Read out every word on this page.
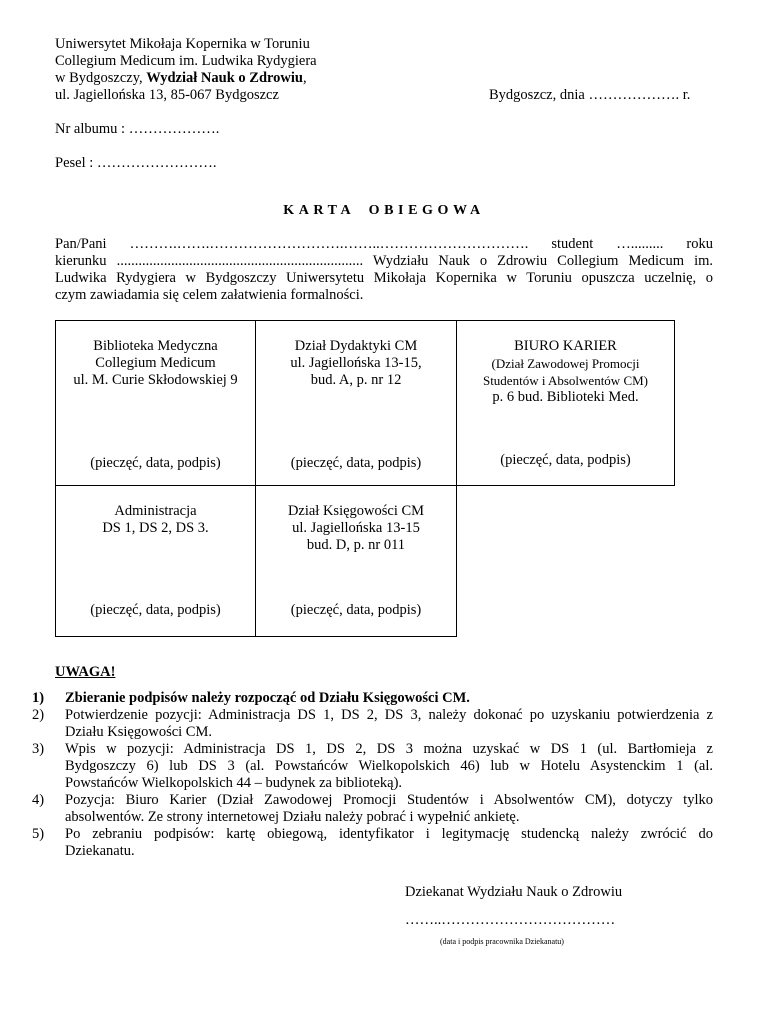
Uniwersytet Mikołaja Kopernika w Toruniu
Collegium Medicum im. Ludwika Rydygiera
w Bydgoszczy, Wydział Nauk o Zdrowiu,
ul. Jagiellońska 13, 85-067 Bydgoszcz	Bydgoszcz, dnia ………………. r.
Nr albumu : ……………….
Pesel : …………………….
KARTA OBIEGOWA
Pan/Pani ……….…….……………………….……..…………………………. student …......... roku
kierunku .................................................................... Wydziału Nauk o Zdrowiu Collegium Medicum im.
Ludwika Rydygiera w Bydgoszczy Uniwersytetu Mikołaja Kopernika w Toruniu opuszcza uczelnię, o
czym zawiadamia się celem załatwienia formalności.
Biblioteka Medyczna
Collegium Medicum
ul. M. Curie Skłodowskiej 9
(pieczęć, data, podpis)
Dział Dydaktyki CM
ul. Jagiellońska 13-15,
bud. A, p. nr 12
(pieczęć, data, podpis)
BIURO KARIER
(Dział Zawodowej Promocji
Studentów i Absolwentów CM)
p. 6 bud. Biblioteki Med.
(pieczęć, data, podpis)
Administracja
DS 1, DS 2, DS 3.
(pieczęć, data, podpis)
Dział Księgowości CM
ul. Jagiellońska 13-15
bud. D, p. nr 011
(pieczęć, data, podpis)
UWAGA!
1) Zbieranie podpisów należy rozpocząć od Działu Księgowości CM.
2) Potwierdzenie pozycji: Administracja DS 1, DS 2, DS 3, należy dokonać po uzyskaniu potwierdzenia z
Działu Księgowości CM.
3) Wpis w pozycji: Administracja DS 1, DS 2, DS 3 można uzyskać w DS 1 (ul. Bartłomieja z
Bydgoszczy 6) lub DS 3 (al. Powstańców Wielkopolskich 46) lub w Hotelu Asystenckim 1 (al.
Powstańców Wielkopolskich 44 – budynek za biblioteką).
4) Pozycja: Biuro Karier (Dział Zawodowej Promocji Studentów i Absolwentów CM), dotyczy tylko
absolwentów. Ze strony internetowej Działu należy pobrać i wypełnić ankietę.
5) Po zebraniu podpisów: kartę obiegową, identyfikator i legitymację studencką należy zwrócić do
Dziekanatu.
Dziekanat Wydziału Nauk o Zdrowiu
……..………………………………
(data i podpis pracownika Dziekanatu)
